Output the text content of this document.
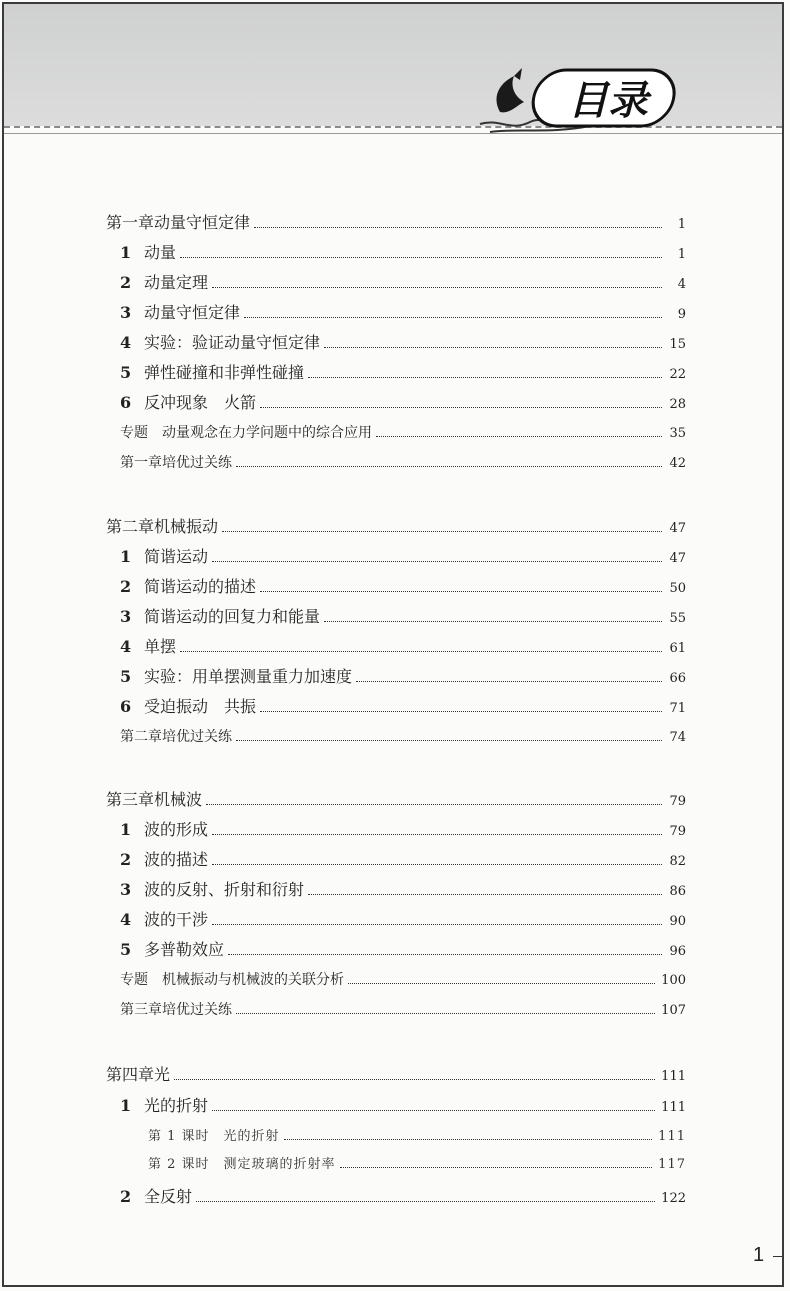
目录
第一章 动量守恒定律	1
1 动量	1
2 动量定理	4
3 动量守恒定律	9
4 实验：验证动量守恒定律	15
5 弹性碰撞和非弹性碰撞	22
6 反冲现象　火箭	28
专题 动量观念在力学问题中的综合应用	35
第一章培优过关练	42
第二章 机械振动	47
1 简谐运动	47
2 简谐运动的描述	50
3 简谐运动的回复力和能量	55
4 单摆	61
5 实验：用单摆测量重力加速度	66
6 受迫振动　共振	71
第二章培优过关练	74
第三章 机械波	79
1 波的形成	79
2 波的描述	82
3 波的反射、折射和衍射	86
4 波的干涉	90
5 多普勒效应	96
专题 机械振动与机械波的关联分析	100
第三章培优过关练	107
第四章 光	111
1 光的折射	111
第 1 课时 光的折射	111
第 2 课时 测定玻璃的折射率	117
2 全反射	122
1
